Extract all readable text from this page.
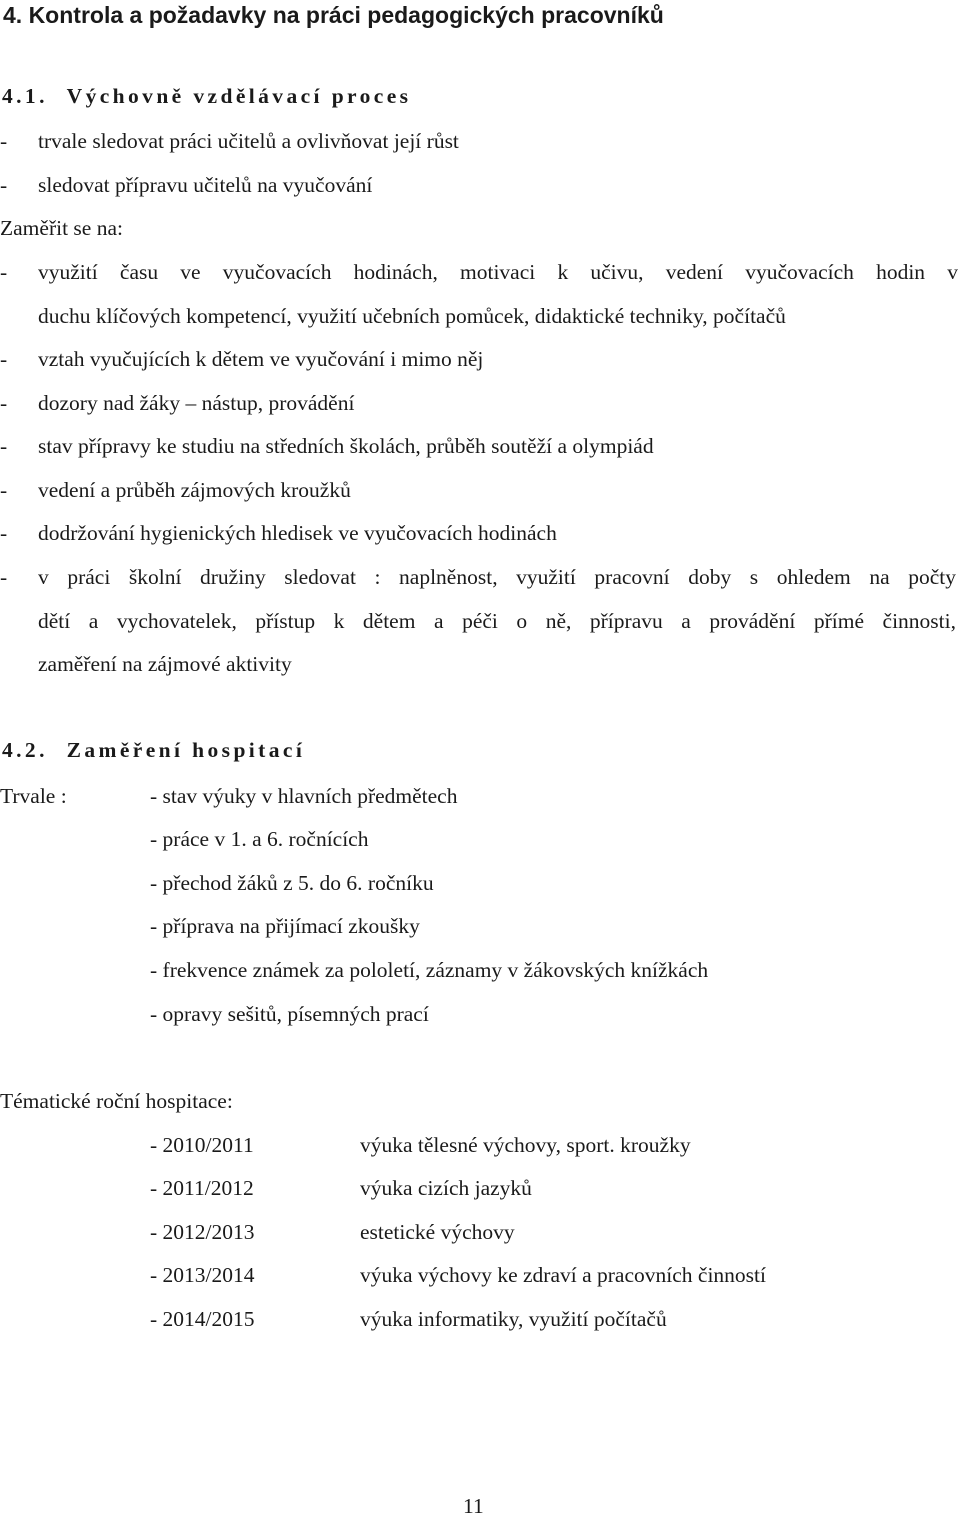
4. Kontrola a požadavky na práci pedagogických pracovníků
4.1. Výchovně vzdělávací proces
- trvale sledovat práci učitelů a ovlivňovat její růst
- sledovat přípravu učitelů na vyučování
Zaměřit se na:
- využití času ve vyučovacích hodinách, motivaci k učivu, vedení vyučovacích hodin v
duchu klíčových kompetencí, využití učebních pomůcek, didaktické techniky, počítačů
- vztah vyučujících k dětem ve vyučování i mimo něj
- dozory nad žáky – nástup, provádění
- stav přípravy ke studiu na středních školách, průběh soutěží a olympiád
- vedení a průběh zájmových kroužků
- dodržování hygienických hledisek ve vyučovacích hodinách
- v práci školní družiny sledovat : naplněnost, využití pracovní doby s ohledem na počty
dětí a vychovatelek, přístup k dětem a péči o ně, přípravu a provádění přímé činnosti,
zaměření na zájmové aktivity
4.2. Zaměření hospitací
Trvale :	- stav výuky v hlavních předmětech
- práce v 1. a 6. ročnících
- přechod žáků z 5. do 6. ročníku
- příprava na přijímací zkoušky
- frekvence známek za pololetí, záznamy v žákovských knížkách
- opravy sešitů, písemných prací
Tématické roční hospitace:
- 2010/2011	výuka tělesné výchovy, sport. kroužky
- 2011/2012	výuka cizích jazyků
- 2012/2013	estetické výchovy
- 2013/2014	výuka výchovy ke zdraví a pracovních činností
- 2014/2015	výuka informatiky, využití počítačů
11
